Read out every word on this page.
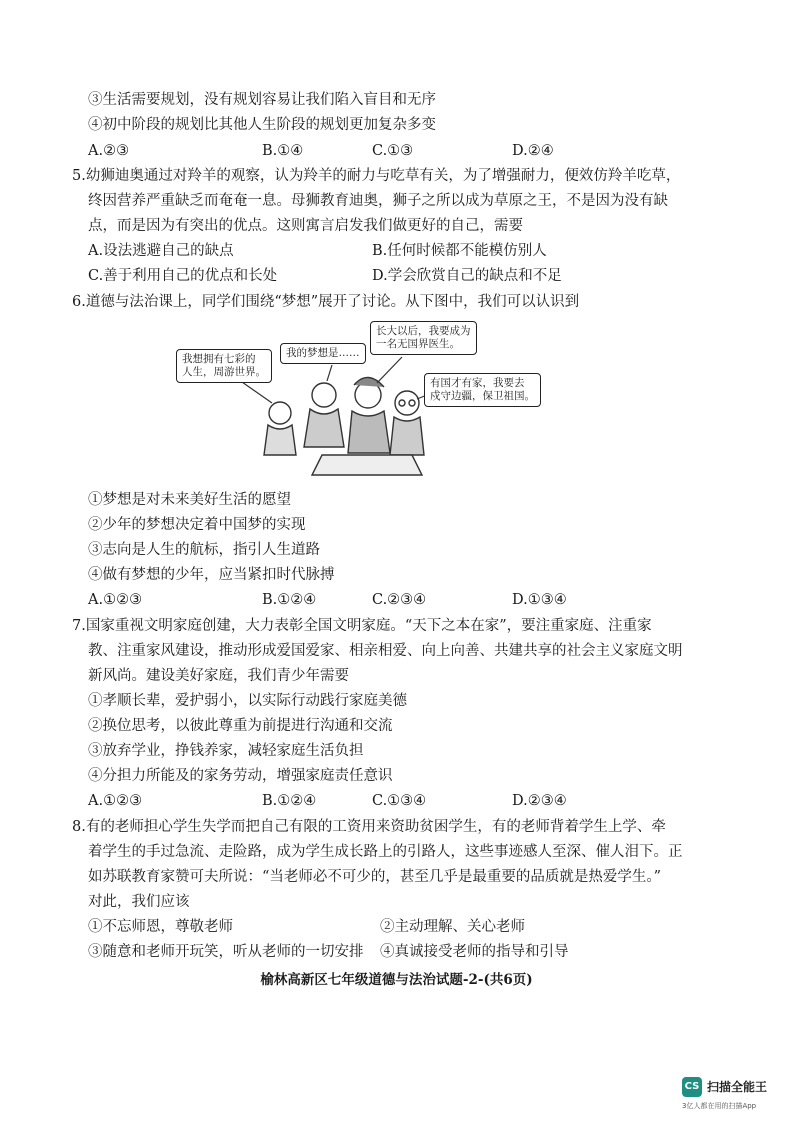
③生活需要规划，没有规划容易让我们陷入盲目和无序
④初中阶段的规划比其他人生阶段的规划更加复杂多变
A.②③	B.①④	C.①③	D.②④
5.幼狮迪奥通过对羚羊的观察，认为羚羊的耐力与吃草有关，为了增强耐力，便效仿羚羊吃草，
终因营养严重缺乏而奄奄一息。母狮教育迪奥，狮子之所以成为草原之王，不是因为没有缺
点，而是因为有突出的优点。这则寓言启发我们做更好的自己，需要
A.设法逃避自己的缺点	B.任何时候都不能模仿别人
C.善于利用自己的优点和长处	D.学会欣赏自己的缺点和不足
6.道德与法治课上，同学们围绕“梦想”展开了讨论。从下图中，我们可以认识到
我想拥有七彩的
人生，周游世界。
我的梦想是……
长大以后，我要成为
一名无国界医生。
有国才有家，我要去
戍守边疆，保卫祖国。
①梦想是对未来美好生活的愿望
②少年的梦想决定着中国梦的实现
③志向是人生的航标，指引人生道路
④做有梦想的少年，应当紧扣时代脉搏
A.①②③	B.①②④	C.②③④	D.①③④
7.国家重视文明家庭创建，大力表彰全国文明家庭。“天下之本在家”，要注重家庭、注重家
教、注重家风建设，推动形成爱国爱家、相亲相爱、向上向善、共建共享的社会主义家庭文明
新风尚。建设美好家庭，我们青少年需要
①孝顺长辈，爱护弱小，以实际行动践行家庭美德
②换位思考，以彼此尊重为前提进行沟通和交流
③放弃学业，挣钱养家，减轻家庭生活负担
④分担力所能及的家务劳动，增强家庭责任意识
A.①②③	B.①②④	C.①③④	D.②③④
8.有的老师担心学生失学而把自己有限的工资用来资助贫困学生，有的老师背着学生上学、牵
着学生的手过急流、走险路，成为学生成长路上的引路人，这些事迹感人至深、催人泪下。正
如苏联教育家赞可夫所说：“当老师必不可少的，甚至几乎是最重要的品质就是热爱学生。”
对此，我们应该
①不忘师恩，尊敬老师	②主动理解、关心老师
③随意和老师开玩笑，听从老师的一切安排 ④真诚接受老师的指导和引导
榆林高新区七年级道德与法治试题-2-(共6页)
CS 扫描全能王
3亿人都在用的扫描App
